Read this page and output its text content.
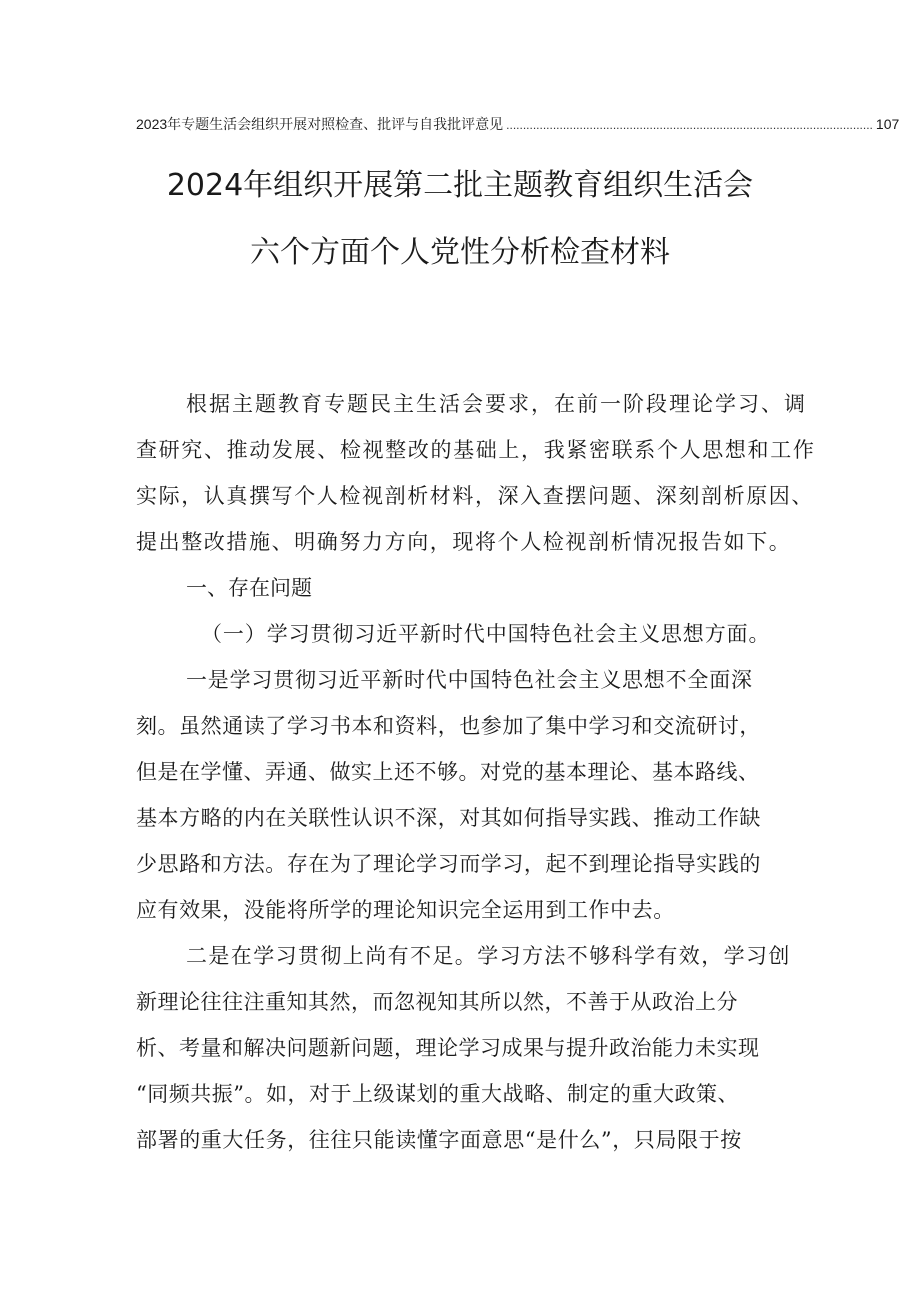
2023年专题生活会组织开展对照检查、批评与自我批评意见 .............................................................................................................. 107
2024年组织开展第二批主题教育组织生活会
六个方面个人党性分析检查材料
根据主题教育专题民主生活会要求，在前一阶段理论学习、调
查研究、推动发展、检视整改的基础上，我紧密联系个人思想和工作
实际，认真撰写个人检视剖析材料，深入查摆问题、深刻剖析原因、
提出整改措施、明确努力方向，现将个人检视剖析情况报告如下。
一、存在问题
（一）学习贯彻习近平新时代中国特色社会主义思想方面。
一是学习贯彻习近平新时代中国特色社会主义思想不全面深
刻。虽然通读了学习书本和资料，也参加了集中学习和交流研讨，
但是在学懂、弄通、做实上还不够。对党的基本理论、基本路线、
基本方略的内在关联性认识不深，对其如何指导实践、推动工作缺
少思路和方法。存在为了理论学习而学习，起不到理论指导实践的
应有效果，没能将所学的理论知识完全运用到工作中去。
二是在学习贯彻上尚有不足。学习方法不够科学有效，学习创
新理论往往注重知其然，而忽视知其所以然，不善于从政治上分
析、考量和解决问题新问题，理论学习成果与提升政治能力未实现
“同频共振”。如，对于上级谋划的重大战略、制定的重大政策、
部署的重大任务，往往只能读懂字面意思“是什么”，只局限于按
